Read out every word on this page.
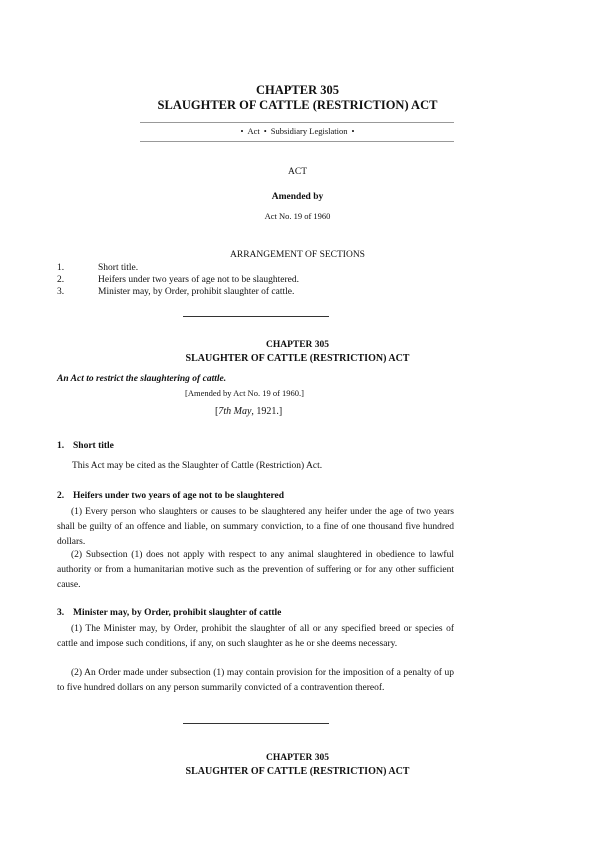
CHAPTER 305
SLAUGHTER OF CATTLE (RESTRICTION) ACT
• Act • Subsidiary Legislation •
ACT
Amended by
Act No. 19 of 1960
ARRANGEMENT OF SECTIONS
1.	Short title.
2.	Heifers under two years of age not to be slaughtered.
3.	Minister may, by Order, prohibit slaughter of cattle.
CHAPTER 305
SLAUGHTER OF CATTLE (RESTRICTION) ACT
An Act to restrict the slaughtering of cattle.
[Amended by Act No. 19 of 1960.]
[7th May, 1921.]
1. Short title
This Act may be cited as the Slaughter of Cattle (Restriction) Act.
2. Heifers under two years of age not to be slaughtered
(1) Every person who slaughters or causes to be slaughtered any heifer under the age of two years shall be guilty of an offence and liable, on summary conviction, to a fine of one thousand five hundred dollars.
(2) Subsection (1) does not apply with respect to any animal slaughtered in obedience to lawful authority or from a humanitarian motive such as the prevention of suffering or for any other sufficient cause.
3. Minister may, by Order, prohibit slaughter of cattle
(1) The Minister may, by Order, prohibit the slaughter of all or any specified breed or species of cattle and impose such conditions, if any, on such slaughter as he or she deems necessary.
(2) An Order made under subsection (1) may contain provision for the imposition of a penalty of up to five hundred dollars on any person summarily convicted of a contravention thereof.
CHAPTER 305
SLAUGHTER OF CATTLE (RESTRICTION) ACT
